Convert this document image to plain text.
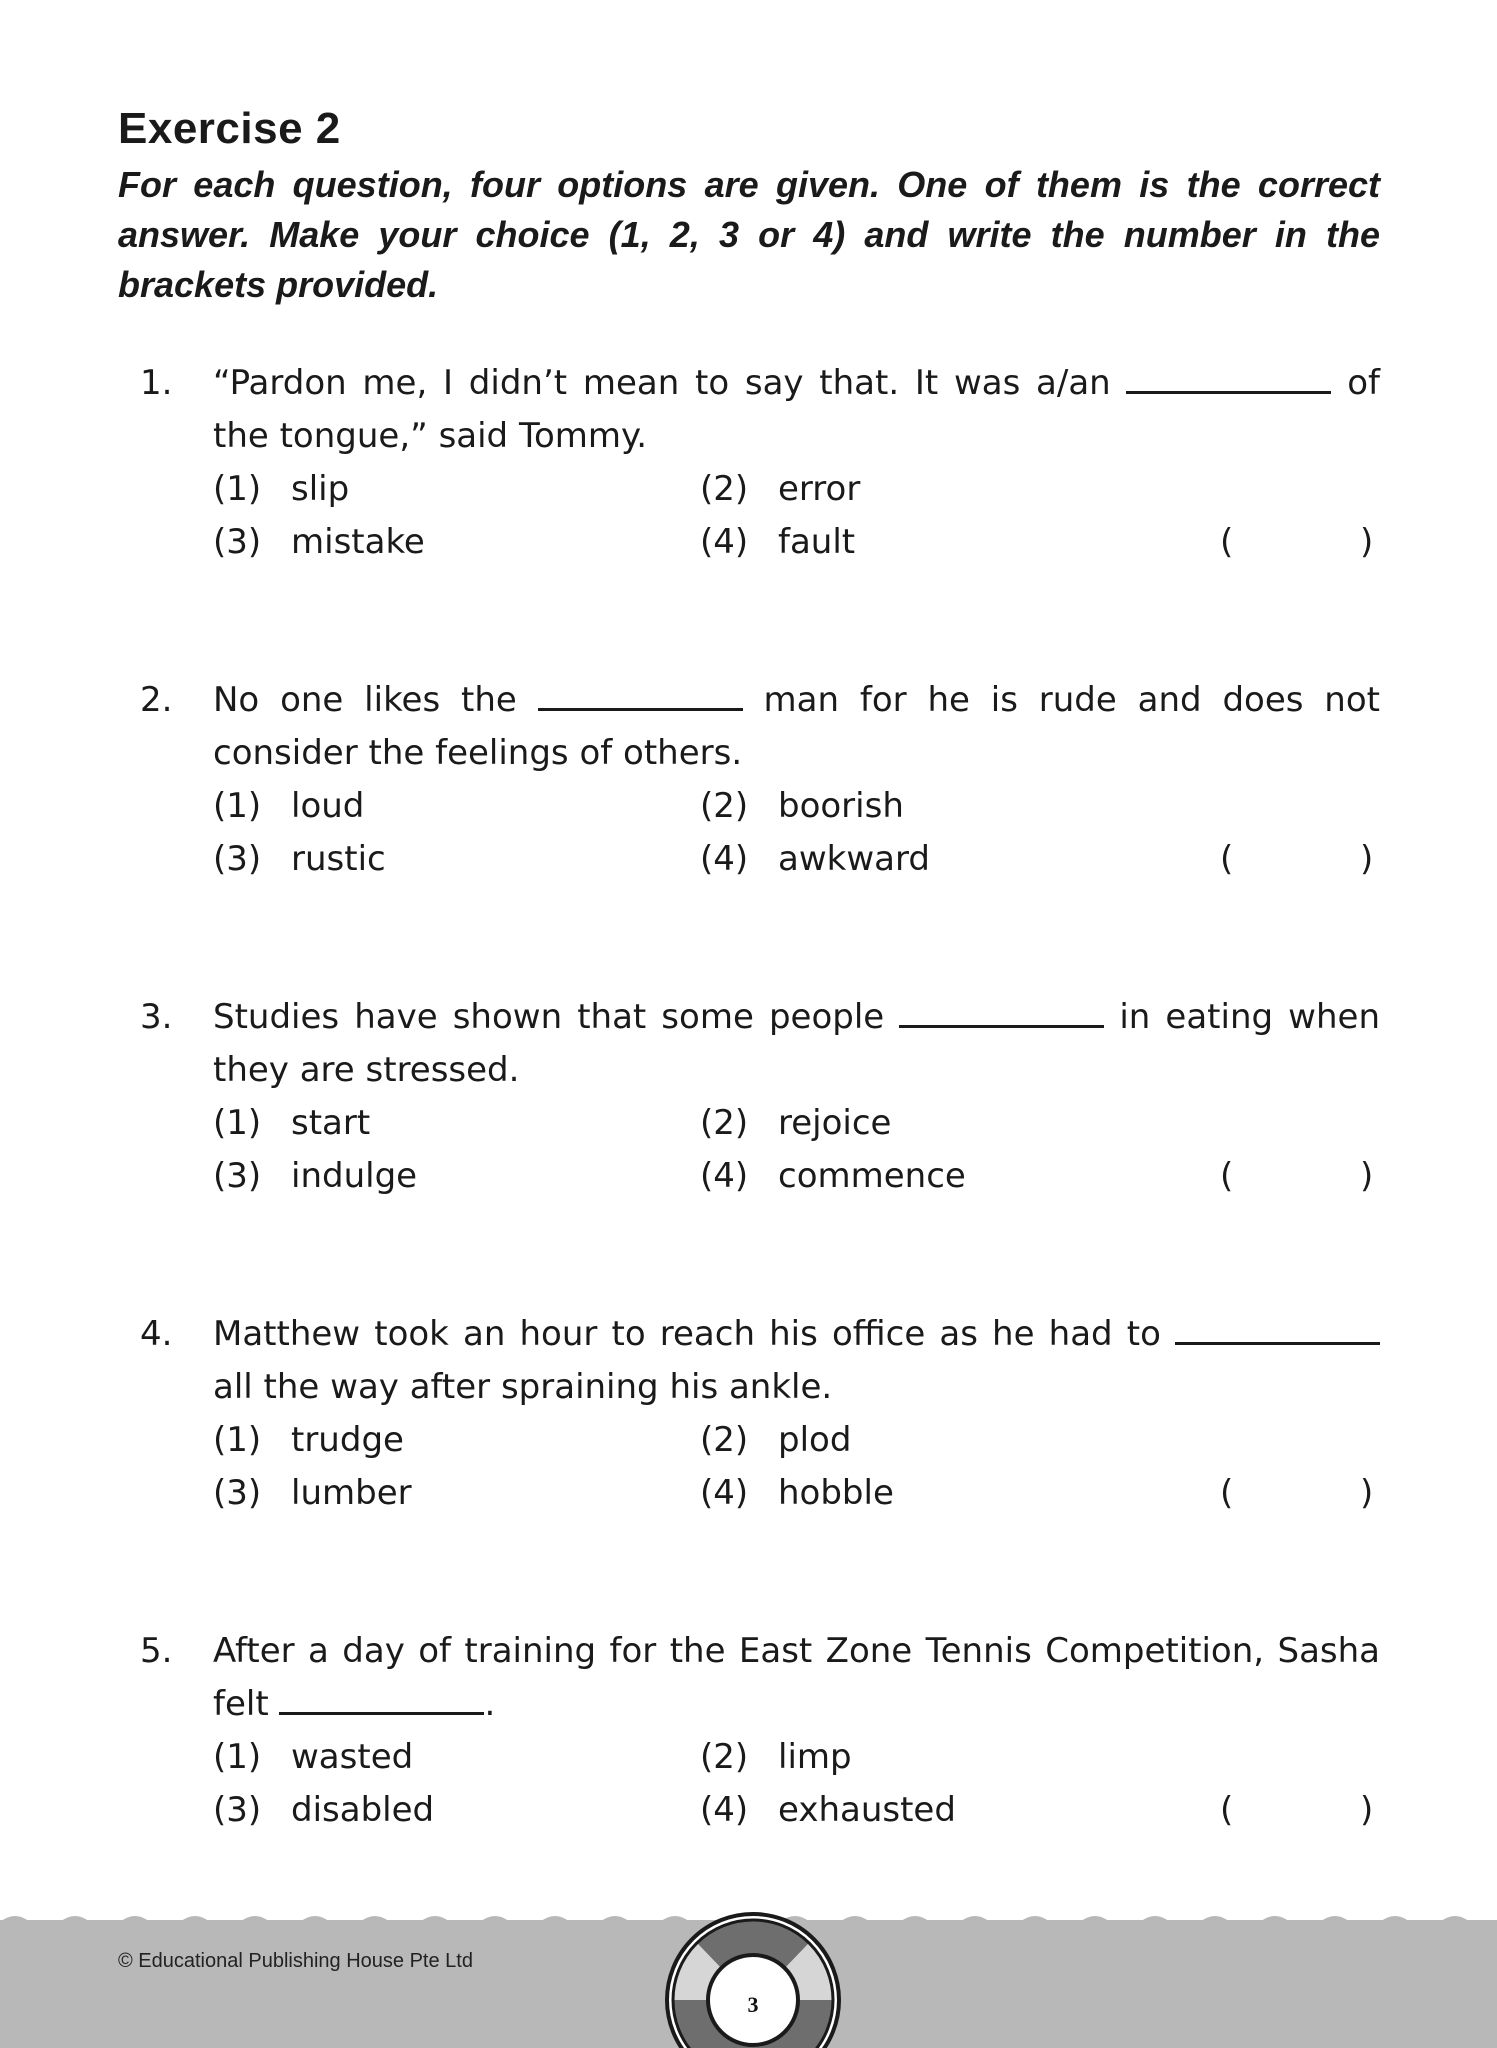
Exercise 2
For each question, four options are given. One of them is the correct answer. Make your choice (1, 2, 3 or 4) and write the number in the brackets provided.
1. “Pardon me, I didn’t mean to say that. It was a/an	of the tongue,” said Tommy.
(1) slip	(2) error
(3) mistake	(4) fault	(	)
2. No one likes the	man for he is rude and does not consider the feelings of others.
(1) loud	(2) boorish
(3) rustic	(4) awkward	(	)
3. Studies have shown that some people	in eating when they are stressed.
(1) start	(2) rejoice
(3) indulge	(4) commence	(	)
4. Matthew took an hour to reach his office as he had to  all the way after spraining his ankle.
(1) trudge	(2) plod
(3) lumber	(4) hobble	(	)
5. After a day of training for the East Zone Tennis Competition, Sasha felt	.
(1) wasted	(2) limp
(3) disabled	(4) exhausted	(	)
© Educational Publishing House Pte Ltd
3
